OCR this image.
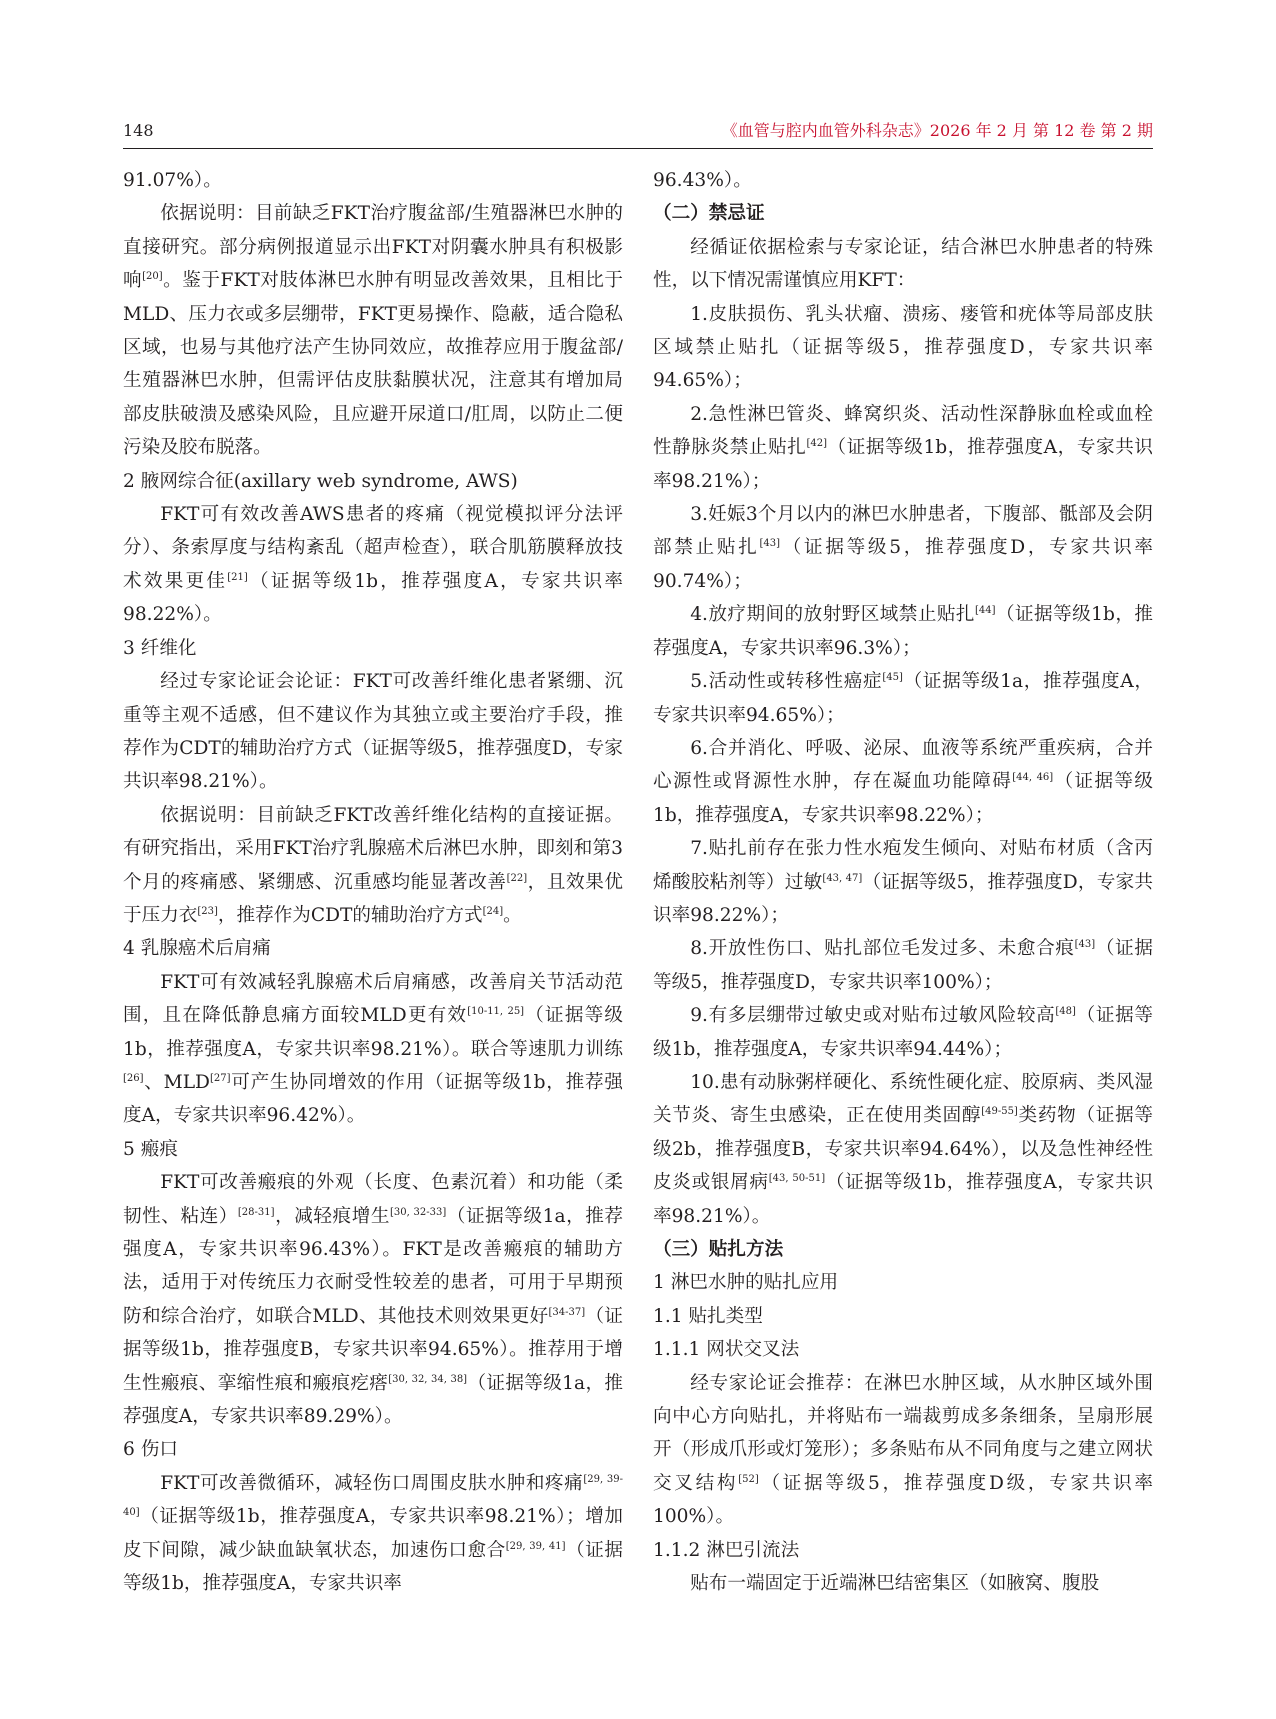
148	《血管与腔内血管外科杂志》2026 年 2 月 第 12 卷 第 2 期

91.07%）。

依据说明：目前缺乏FKT治疗腹盆部/生殖器淋巴水肿的直接研究。部分病例报道显示出FKT对阴囊水肿具有积极影响[20]。鉴于FKT对肢体淋巴水肿有明显改善效果，且相比于MLD、压力衣或多层绷带，FKT更易操作、隐蔽，适合隐私区域，也易与其他疗法产生协同效应，故推荐应用于腹盆部/生殖器淋巴水肿，但需评估皮肤黏膜状况，注意其有增加局部皮肤破溃及感染风险，且应避开尿道口/肛周，以防止二便污染及胶布脱落。

2 腋网综合征(axillary web syndrome, AWS)

FKT可有效改善AWS患者的疼痛（视觉模拟评分法评分）、条索厚度与结构紊乱（超声检查），联合肌筋膜释放技术效果更佳[21]（证据等级1b，推荐强度A，专家共识率98.22%）。

3 纤维化

经过专家论证会论证：FKT可改善纤维化患者紧绷、沉重等主观不适感，但不建议作为其独立或主要治疗手段，推荐作为CDT的辅助治疗方式（证据等级5，推荐强度D，专家共识率98.21%）。

依据说明：目前缺乏FKT改善纤维化结构的直接证据。有研究指出，采用FKT治疗乳腺癌术后淋巴水肿，即刻和第3个月的疼痛感、紧绷感、沉重感均能显著改善[22]，且效果优于压力衣[23]，推荐作为CDT的辅助治疗方式[24]。

4 乳腺癌术后肩痛

FKT可有效减轻乳腺癌术后肩痛感，改善肩关节活动范围，且在降低静息痛方面较MLD更有效[10-11, 25]（证据等级1b，推荐强度A，专家共识率98.21%）。联合等速肌力训练[26]、MLD[27]可产生协同增效的作用（证据等级1b，推荐强度A，专家共识率96.42%）。

5 瘢痕

FKT可改善瘢痕的外观（长度、色素沉着）和功能（柔韧性、粘连）[28-31]，减轻痕增生[30, 32-33]（证据等级1a，推荐强度A，专家共识率96.43%）。FKT是改善瘢痕的辅助方法，适用于对传统压力衣耐受性较差的患者，可用于早期预防和综合治疗，如联合MLD、其他技术则效果更好[34-37]（证据等级1b，推荐强度B，专家共识率94.65%）。推荐用于增生性瘢痕、挛缩性痕和瘢痕疙瘩[30, 32, 34, 38]（证据等级1a，推荐强度A，专家共识率89.29%）。

6 伤口

FKT可改善微循环，减轻伤口周围皮肤水肿和疼痛[29, 39-40]（证据等级1b，推荐强度A，专家共识率98.21%）；增加皮下间隙，减少缺血缺氧状态，加速伤口愈合[29, 39, 41]（证据等级1b，推荐强度A，专家共识率

96.43%）。

（二）禁忌证

经循证依据检索与专家论证，结合淋巴水肿患者的特殊性，以下情况需谨慎应用KFT：

1.皮肤损伤、乳头状瘤、溃疡、瘘管和疣体等局部皮肤区域禁止贴扎（证据等级5，推荐强度D，专家共识率94.65%）；

2.急性淋巴管炎、蜂窝织炎、活动性深静脉血栓或血栓性静脉炎禁止贴扎[42]（证据等级1b，推荐强度A，专家共识率98.21%）；

3.妊娠3个月以内的淋巴水肿患者，下腹部、骶部及会阴部禁止贴扎[43]（证据等级5，推荐强度D，专家共识率90.74%）；

4.放疗期间的放射野区域禁止贴扎[44]（证据等级1b，推荐强度A，专家共识率96.3%）；

5.活动性或转移性癌症[45]（证据等级1a，推荐强度A，专家共识率94.65%）；

6.合并消化、呼吸、泌尿、血液等系统严重疾病，合并心源性或肾源性水肿，存在凝血功能障碍[44, 46]（证据等级1b，推荐强度A，专家共识率98.22%）；

7.贴扎前存在张力性水疱发生倾向、对贴布材质（含丙烯酸胶粘剂等）过敏[43, 47]（证据等级5，推荐强度D，专家共识率98.22%）；

8.开放性伤口、贴扎部位毛发过多、未愈合痕[43]（证据等级5，推荐强度D，专家共识率100%）；

9.有多层绷带过敏史或对贴布过敏风险较高[48]（证据等级1b，推荐强度A，专家共识率94.44%）；

10.患有动脉粥样硬化、系统性硬化症、胶原病、类风湿关节炎、寄生虫感染，正在使用类固醇[49-55]类药物（证据等级2b，推荐强度B，专家共识率94.64%），以及急性神经性皮炎或银屑病[43, 50-51]（证据等级1b，推荐强度A，专家共识率98.21%）。

（三）贴扎方法

1 淋巴水肿的贴扎应用

1.1 贴扎类型

1.1.1 网状交叉法

经专家论证会推荐：在淋巴水肿区域，从水肿区域外围向中心方向贴扎，并将贴布一端裁剪成多条细条，呈扇形展开（形成爪形或灯笼形）；多条贴布从不同角度与之建立网状交叉结构[52]（证据等级5，推荐强度D级，专家共识率100%）。

1.1.2 淋巴引流法

贴布一端固定于近端淋巴结密集区（如腋窝、腹股
